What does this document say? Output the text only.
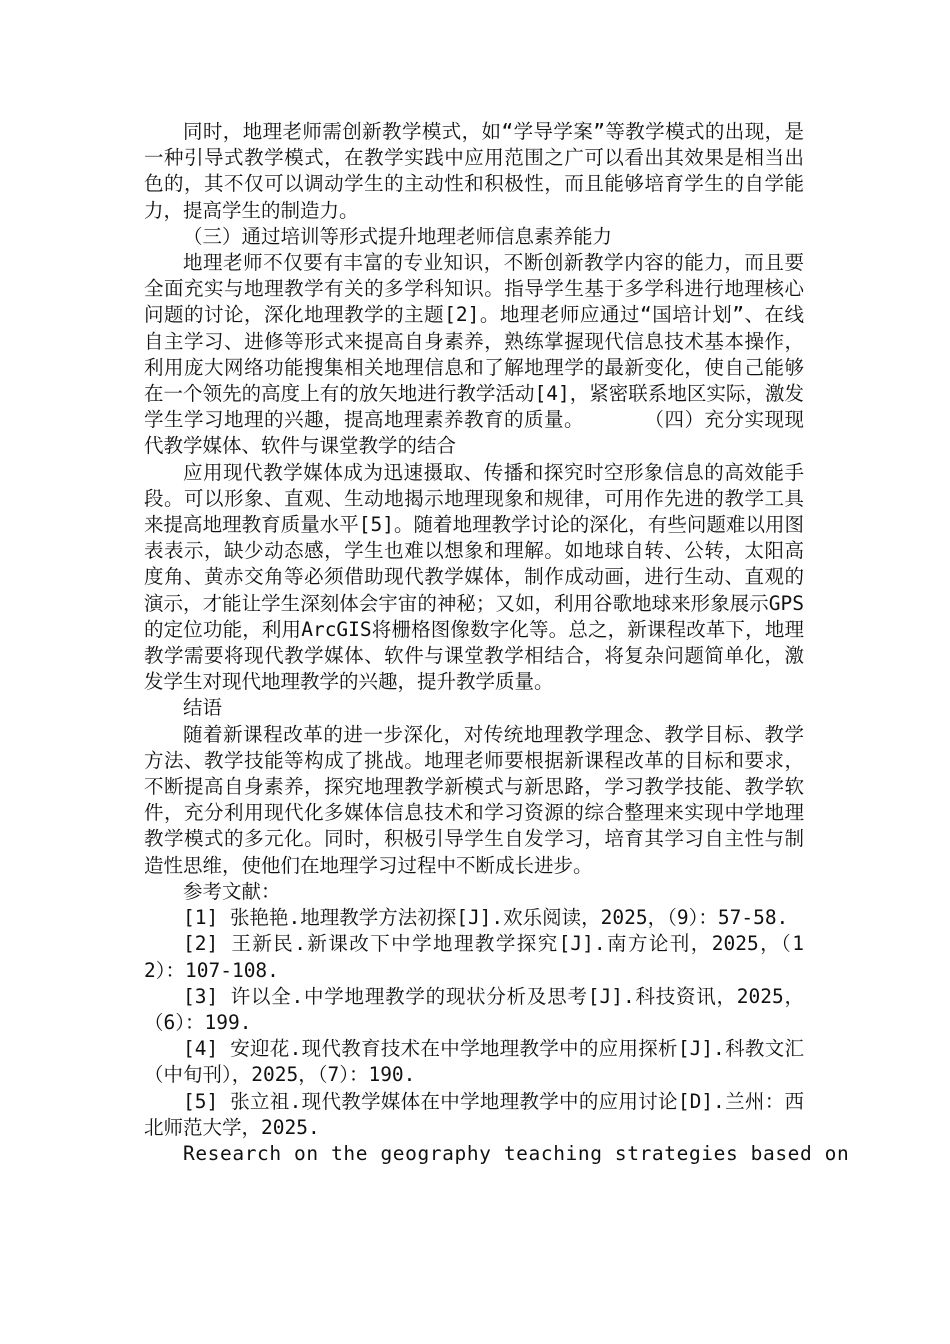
同时，地理老师需创新教学模式，如“学导学案”等教学模式的出现，是一种引导式教学模式，在教学实践中应用范围之广可以看出其效果是相当出色的，其不仅可以调动学生的主动性和积极性，而且能够培育学生的自学能力，提高学生的制造力。

（三）通过培训等形式提升地理老师信息素养能力

地理老师不仅要有丰富的专业知识，不断创新教学内容的能力，而且要全面充实与地理教学有关的多学科知识。指导学生基于多学科进行地理核心问题的讨论，深化地理教学的主题[2]。地理老师应通过“国培计划”、在线自主学习、进修等形式来提高自身素养，熟练掌握现代信息技术基本操作，利用庞大网络功能搜集相关地理信息和了解地理学的最新变化，使自己能够在一个领先的高度上有的放矢地进行教学活动[4]，紧密联系地区实际，激发学生学习地理的兴趣，提高地理素养教育的质量。　　　　（四）充分实现现代教学媒体、软件与课堂教学的结合

应用现代教学媒体成为迅速摄取、传播和探究时空形象信息的高效能手段。可以形象、直观、生动地揭示地理现象和规律，可用作先进的教学工具来提高地理教育质量水平[5]。随着地理教学讨论的深化，有些问题难以用图表表示，缺少动态感，学生也难以想象和理解。如地球自转、公转，太阳高度角、黄赤交角等必须借助现代教学媒体，制作成动画，进行生动、直观的演示，才能让学生深刻体会宇宙的神秘；又如，利用谷歌地球来形象展示GPS的定位功能，利用ArcGIS将栅格图像数字化等。总之，新课程改革下，地理教学需要将现代教学媒体、软件与课堂教学相结合，将复杂问题简单化，激发学生对现代地理教学的兴趣，提升教学质量。

结语

随着新课程改革的进一步深化，对传统地理教学理念、教学目标、教学方法、教学技能等构成了挑战。地理老师要根据新课程改革的目标和要求，不断提高自身素养，探究地理教学新模式与新思路，学习教学技能、教学软件，充分利用现代化多媒体信息技术和学习资源的综合整理来实现中学地理教学模式的多元化。同时，积极引导学生自发学习，培育其学习自主性与制造性思维，使他们在地理学习过程中不断成长进步。

参考文献：

[1] 张艳艳.地理教学方法初探[J].欢乐阅读，2025，（9）：57-58.

[2] 王新民.新课改下中学地理教学探究[J].南方论刊，2025，（12）：107-108.

[3] 许以全.中学地理教学的现状分析及思考[J].科技资讯，2025，（6）：199.

[4] 安迎花.现代教育技术在中学地理教学中的应用探析[J].科教文汇（中旬刊），2025，（7）：190.

[5] 张立祖.现代教学媒体在中学地理教学中的应用讨论[D].兰州：西北师范大学，2025.

Research on the geography teaching strategies based on
